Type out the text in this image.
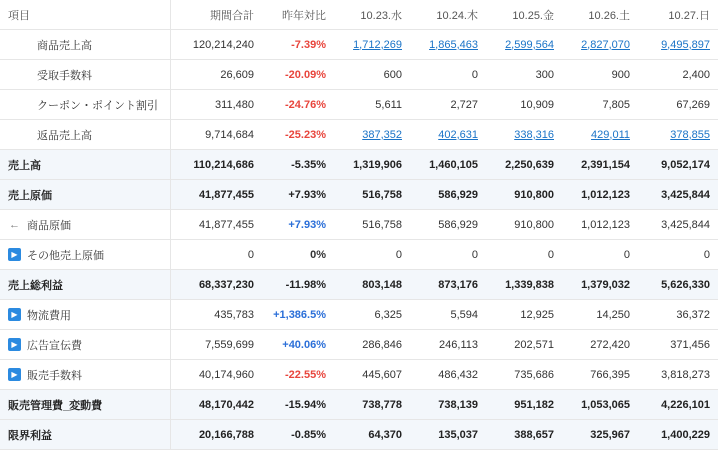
項目	期間合計	昨年対比	10.23.水	10.24.木	10.25.金	10.26.土	10.27.日

商品売上高	120,214,240	-7.39%	1,712,269	1,865,463	2,599,564	2,827,070	9,495,897

受取手数料	26,609	-20.09%	600	0	300	900	2,400

クーポン・ポイント割引	311,480	-24.76%	5,611	2,727	10,909	7,805	67,269

返品売上高	9,714,684	-25.23%	387,352	402,631	338,316	429,011	378,855

売上高	110,214,686	-5.35%	1,319,906	1,460,105	2,250,639	2,391,154	9,052,174

売上原価	41,877,455	+7.93%	516,758	586,929	910,800	1,012,123	3,425,844

← 商品原価	41,877,455	+7.93%	516,758	586,929	910,800	1,012,123	3,425,844

▶ その他売上原価	0	0%	0	0	0	0	0

売上総利益	68,337,230	-11.98%	803,148	873,176	1,339,838	1,379,032	5,626,330

▶ 物流費用	435,783	+1,386.5%	6,325	5,594	12,925	14,250	36,372

▶ 広告宣伝費	7,559,699	+40.06%	286,846	246,113	202,571	272,420	371,456

▶ 販売手数料	40,174,960	-22.55%	445,607	486,432	735,686	766,395	3,818,273

販売管理費_変動費	48,170,442	-15.94%	738,778	738,139	951,182	1,053,065	4,226,101

限界利益	20,166,788	-0.85%	64,370	135,037	388,657	325,967	1,400,229
